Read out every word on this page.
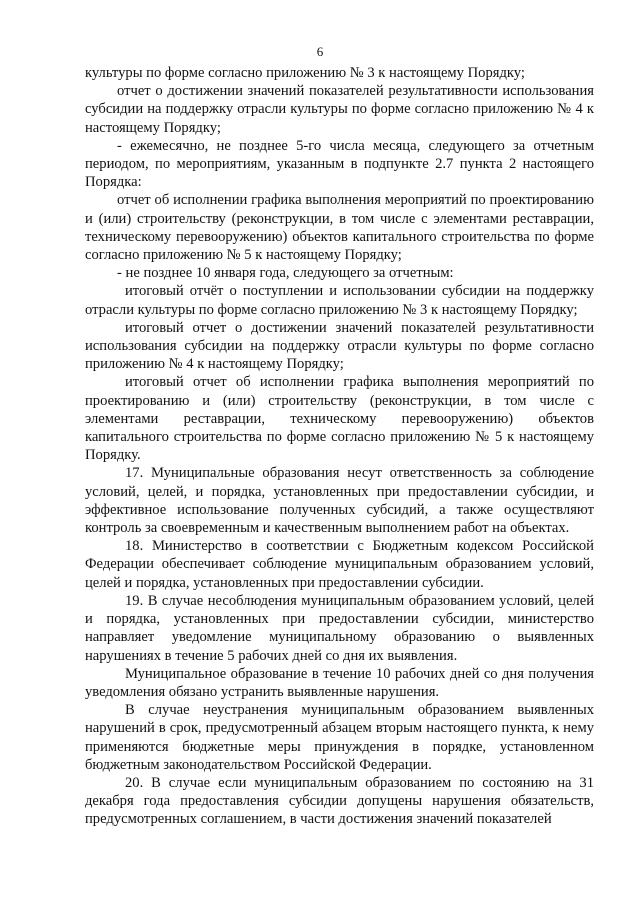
6
культуры по форме согласно приложению № 3 к настоящему Порядку;
отчет о достижении значений показателей результативности использования субсидии на поддержку отрасли культуры по форме согласно приложению № 4 к настоящему Порядку;
- ежемесячно, не позднее 5-го числа месяца, следующего за отчетным периодом, по мероприятиям, указанным в подпункте 2.7 пункта 2 настоящего Порядка:
отчет об исполнении графика выполнения мероприятий по проектированию и (или) строительству (реконструкции, в том числе с элементами реставрации, техническому перевооружению) объектов капитального строительства по форме согласно приложению № 5 к настоящему Порядку;
- не позднее 10 января года, следующего за отчетным:
итоговый отчёт о поступлении и использовании субсидии на поддержку отрасли культуры по форме согласно приложению № 3 к настоящему Порядку;
итоговый отчет о достижении значений показателей результативности использования субсидии на поддержку отрасли культуры по форме согласно приложению № 4 к настоящему Порядку;
итоговый отчет об исполнении графика выполнения мероприятий по проектированию и (или) строительству (реконструкции, в том числе с элементами реставрации, техническому перевооружению) объектов капитального строительства по форме согласно приложению № 5 к настоящему Порядку.
17. Муниципальные образования несут ответственность за соблюдение условий, целей, и порядка, установленных при предоставлении субсидии, и эффективное использование полученных субсидий, а также осуществляют контроль за своевременным и качественным выполнением работ на объектах.
18. Министерство в соответствии с Бюджетным кодексом Российской Федерации обеспечивает соблюдение муниципальным образованием условий, целей и порядка, установленных при предоставлении субсидии.
19. В случае несоблюдения муниципальным образованием условий, целей и порядка, установленных при предоставлении субсидии, министерство направляет уведомление муниципальному образованию о выявленных нарушениях в течение 5 рабочих дней со дня их выявления.
Муниципальное образование в течение 10 рабочих дней со дня получения уведомления обязано устранить выявленные нарушения.
В случае неустранения муниципальным образованием выявленных нарушений в срок, предусмотренный абзацем вторым настоящего пункта, к нему применяются бюджетные меры принуждения в порядке, установленном бюджетным законодательством Российской Федерации.
20. В случае если муниципальным образованием по состоянию на 31 декабря года предоставления субсидии допущены нарушения обязательств, предусмотренных соглашением, в части достижения значений показателей
